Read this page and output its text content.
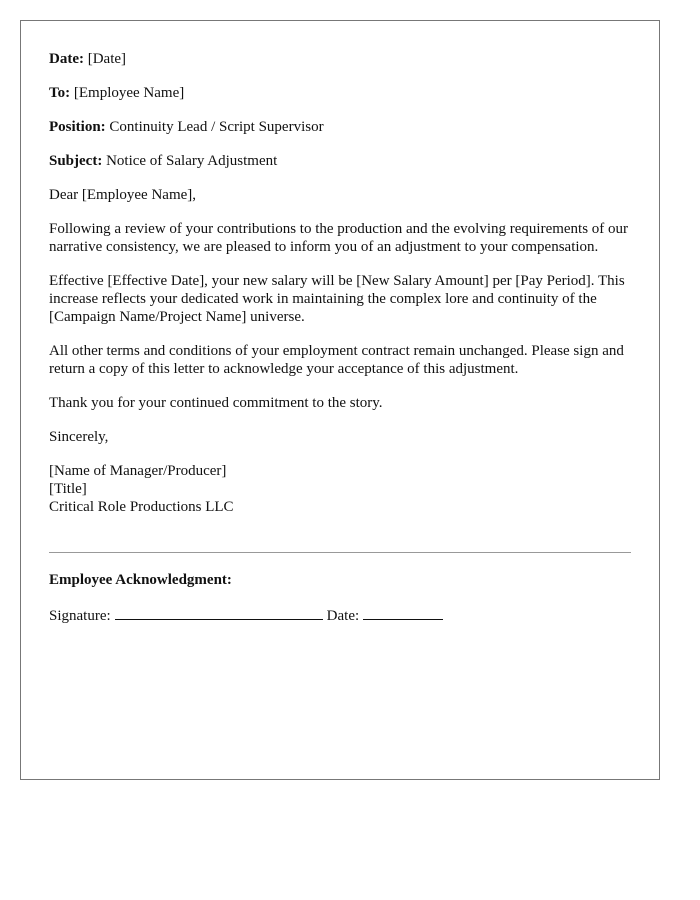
Date: [Date]

To: [Employee Name]

Position: Continuity Lead / Script Supervisor

Subject: Notice of Salary Adjustment

Dear [Employee Name],

Following a review of your contributions to the production and the evolving requirements of our narrative consistency, we are pleased to inform you of an adjustment to your compensation.

Effective [Effective Date], your new salary will be [New Salary Amount] per [Pay Period]. This increase reflects your dedicated work in maintaining the complex lore and continuity of the [Campaign Name/Project Name] universe.

All other terms and conditions of your employment contract remain unchanged. Please sign and return a copy of this letter to acknowledge your acceptance of this adjustment.

Thank you for your continued commitment to the story.

Sincerely,

[Name of Manager/Producer]
[Title]
Critical Role Productions LLC

Employee Acknowledgment:

Signature:	Date:
